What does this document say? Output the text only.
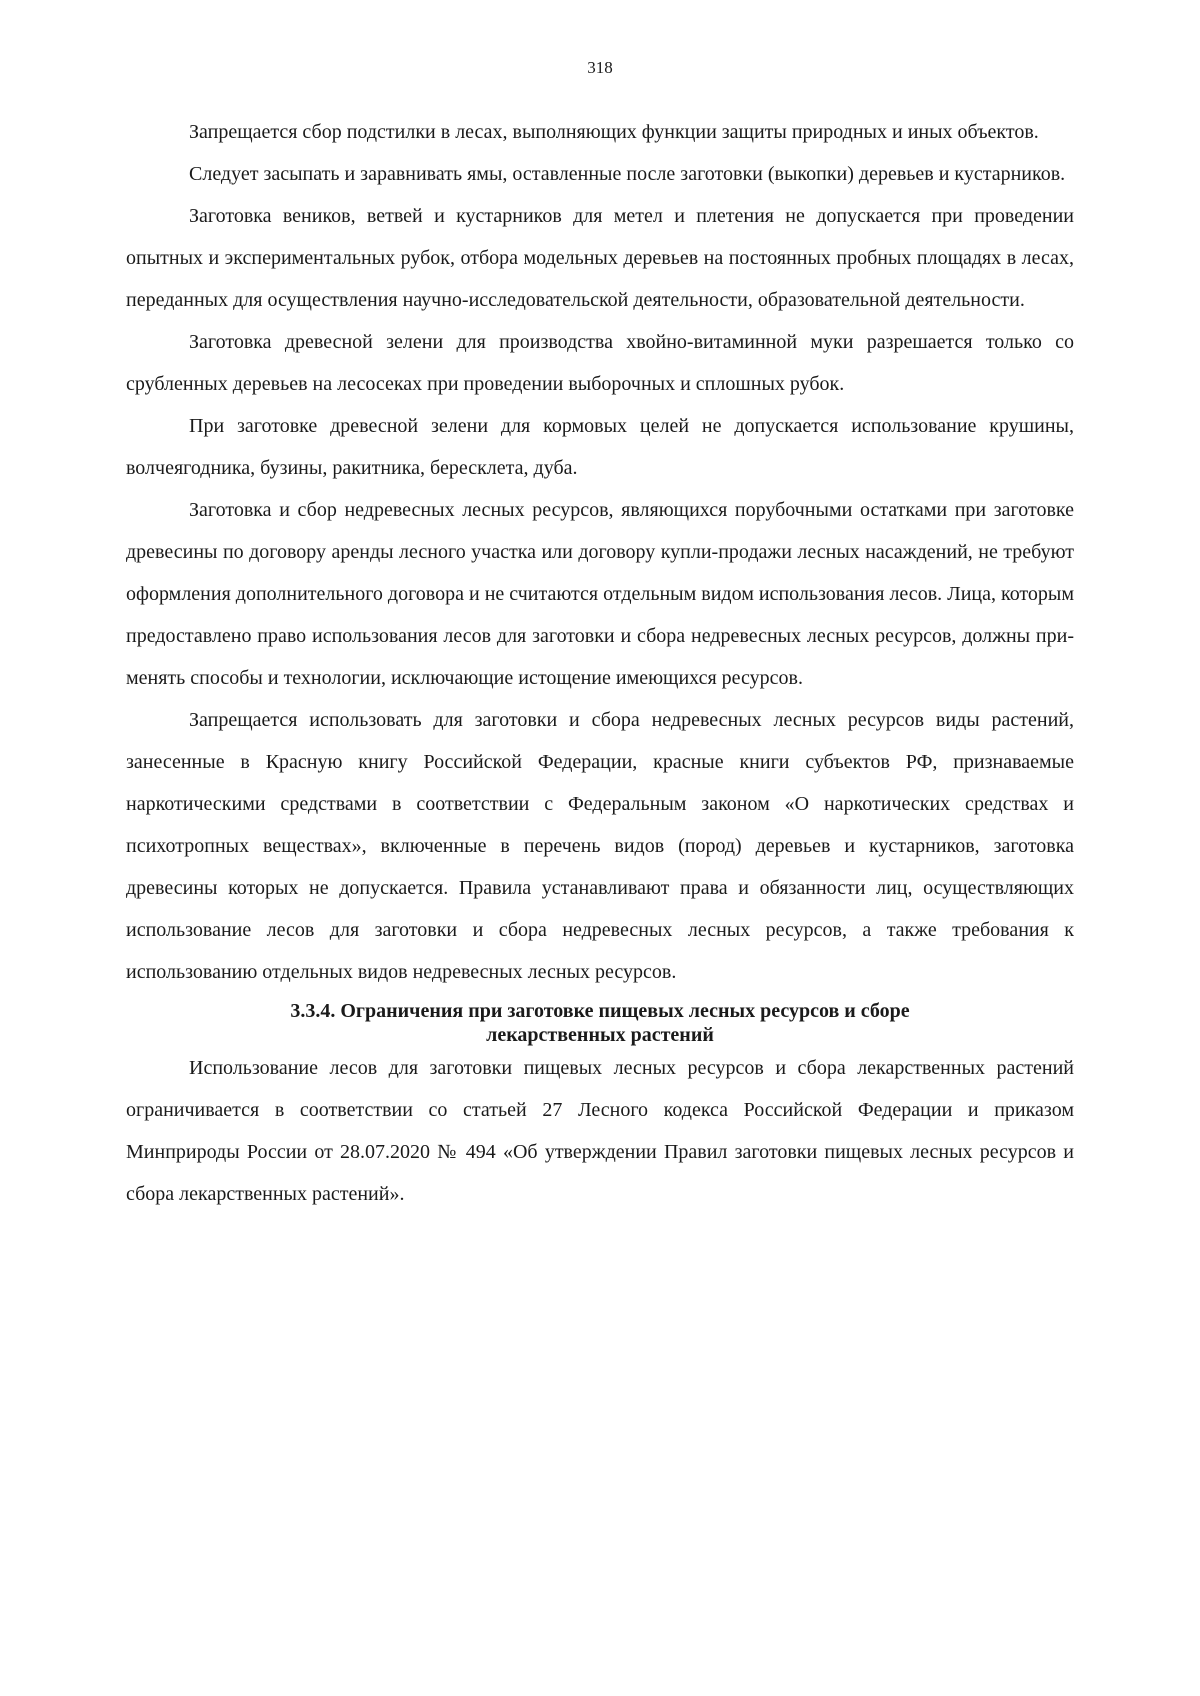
318

Запрещается сбор подстилки в лесах, выполняющих функции защиты природных и иных объектов.

Следует засыпать и заравнивать ямы, оставленные после заготовки (выкопки) деревьев и кустарников.

Заготовка веников, ветвей и кустарников для метел и плетения не допускается при проведении опытных и экспериментальных рубок, отбора модельных деревьев на постоянных пробных площадях в лесах, переданных для осуществления научно-исследовательской деятельности, образовательной деятельности.

Заготовка древесной зелени для производства хвойно-витаминной муки разрешается только со срубленных деревьев на лесосеках при проведении выборочных и сплошных рубок.

При заготовке древесной зелени для кормовых целей не допускается использование крушины, волчеягодника, бузины, ракитника, бересклета, дуба.

Заготовка и сбор недревесных лесных ресурсов, являющихся порубочными остатками при заготовке древесины по договору аренды лесного участка или договору купли-продажи лесных насаждений, не требуют оформления дополнительного договора и не считаются отдельным видом использования лесов. Лица, которым предоставлено право использования лесов для заготовки и сбора недревесных лесных ресурсов, должны применять способы и технологии, исключающие истощение имеющихся ресурсов.

Запрещается использовать для заготовки и сбора недревесных лесных ресурсов виды растений, занесенные в Красную книгу Российской Федерации, красные книги субъектов РФ, признаваемые наркотическими средствами в соответствии с Федеральным законом «О наркотических средствах и психотропных веществах», включенные в перечень видов (пород) деревьев и кустарников, заготовка древесины которых не допускается. Правила устанавливают права и обязанности лиц, осуществляющих использование лесов для заготовки и сбора недревесных лесных ресурсов, а также требования к использованию отдельных видов недревесных лесных ресурсов.

3.3.4. Ограничения при заготовке пищевых лесных ресурсов и сборе
лекарственных растений

Использование лесов для заготовки пищевых лесных ресурсов и сбора лекарственных растений ограничивается в соответствии со статьей 27 Лесного кодекса Российской Федерации и приказом Минприроды России от 28.07.2020 № 494 «Об утверждении Правил заготовки пищевых лесных ресурсов и сбора лекарственных растений».
